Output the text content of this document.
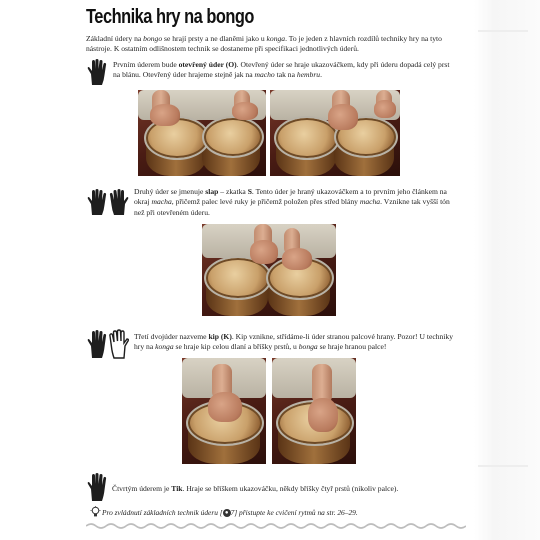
Technika hry na bongo
Základní údery na bongo se hrají prsty a ne dlaněmi jako u konga. To je jeden z hlavních rozdílů techniky hry na tyto nástroje. K ostatním odlišnostem technik se dostaneme při specifikaci jednotlivých úderů.
Prvním úderem bude otevřený úder (O). Otevřený úder se hraje ukazováčkem, kdy při úderu dopadá celý prst na blánu. Otevřený úder hrajeme stejně jak na macho tak na hembru.
Druhý úder se jmenuje slap – zkatka S. Tento úder je hraný ukazováčkem a to prvním jeho článkem na okraj macha, přičemž palec levé ruky je přičemž položen přes střed blány macha. Vznikne tak vyšší tón než při otevřeném úderu.
Třetí dvojúder nazveme kip (K). Kip vznikne, střídáme-li úder stranou palcové hrany. Pozor! U techniky hry na konga se hraje kip celou dlaní a bříšky prstů, u bonga se hraje hranou palce!
Čtvrtým úderem je Tik. Hraje se bříškem ukazováčku, někdy bříšky čtyř prstů (nikoliv palce).
Pro zvládnutí základních technik úderu [ ● 7] přistupte ke cvičení rytmů na str. 26–29.
